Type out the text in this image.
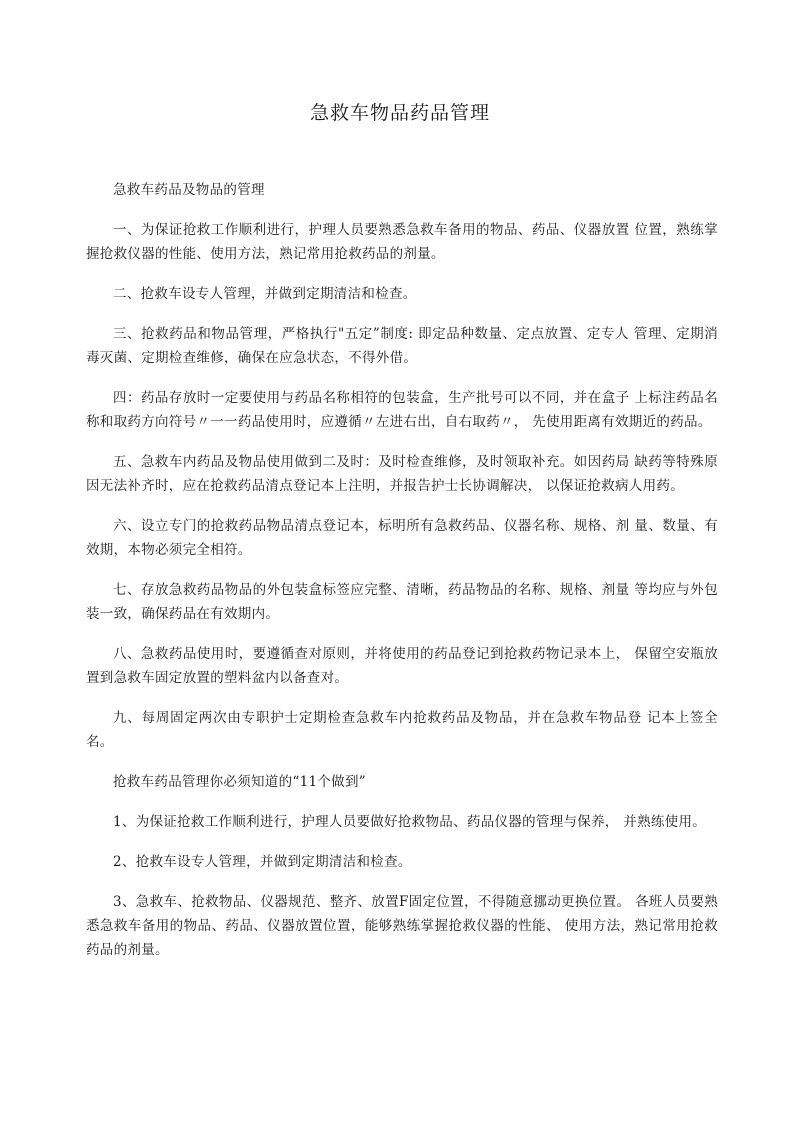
急救车物品药品管理

急救车药品及物品的管理

一、为保证抢救工作顺利进行，护理人员要熟悉急救车备用的物品、药品、仪器放置 位置，熟练掌握抢救仪器的性能、使用方法，熟记常用抢救药品的剂量。

二、抢救车设专人管理，并做到定期清洁和检查。

三、抢救药品和物品管理，严格执行"五定”制度: 即定品种数量、定点放置、定专人 管理、定期消毒灭菌、定期检查维修，确保在应急状态，不得外借。

四：药品存放时一定要使用与药品名称相符的包装盒，生产批号可以不同，并在盒子 上标注药品名称和取药方向符号〃一一药品使用时，应遵循〃左进右出，自右取药〃， 先使用距离有效期近的药品。

五、急救车内药品及物品使用做到二及时：及时检查维修，及时领取补充。如因药局 缺药等特殊原因无法补齐时，应在抢救药品清点登记本上注明，并报告护士长协调解决， 以保证抢救病人用药。

六、设立专门的抢救药品物品清点登记本，标明所有急救药品、仪器名称、规格、剂 量、数量、有效期，本物必须完全相符。

七、存放急救药品物品的外包装盒标签应完整、清晰，药品物品的名称、规格、剂量 等均应与外包装一致，确保药品在有效期内。

八、急救药品使用时，要遵循查对原则，并将使用的药品登记到抢救药物记录本上， 保留空安瓶放置到急救车固定放置的塑料盆内以备查对。

九、每周固定两次由专职护士定期检查急救车内抢救药品及物品，并在急救车物品登 记本上签全名。

抢救车药品管理你必须知道的“11个做到”

1、为保证抢救工作顺利进行，护理人员要做好抢救物品、药品仪器的管理与保养， 并熟练使用。

2、抢救车设专人管理，并做到定期清洁和检查。

3、急救车、抢救物品、仪器规范、整齐、放置F固定位置，不得随意挪动更换位置。 各班人员要熟悉急救车备用的物品、药品、仪器放置位置，能够熟练掌握抢救仪器的性能、 使用方法，熟记常用抢救药品的剂量。
